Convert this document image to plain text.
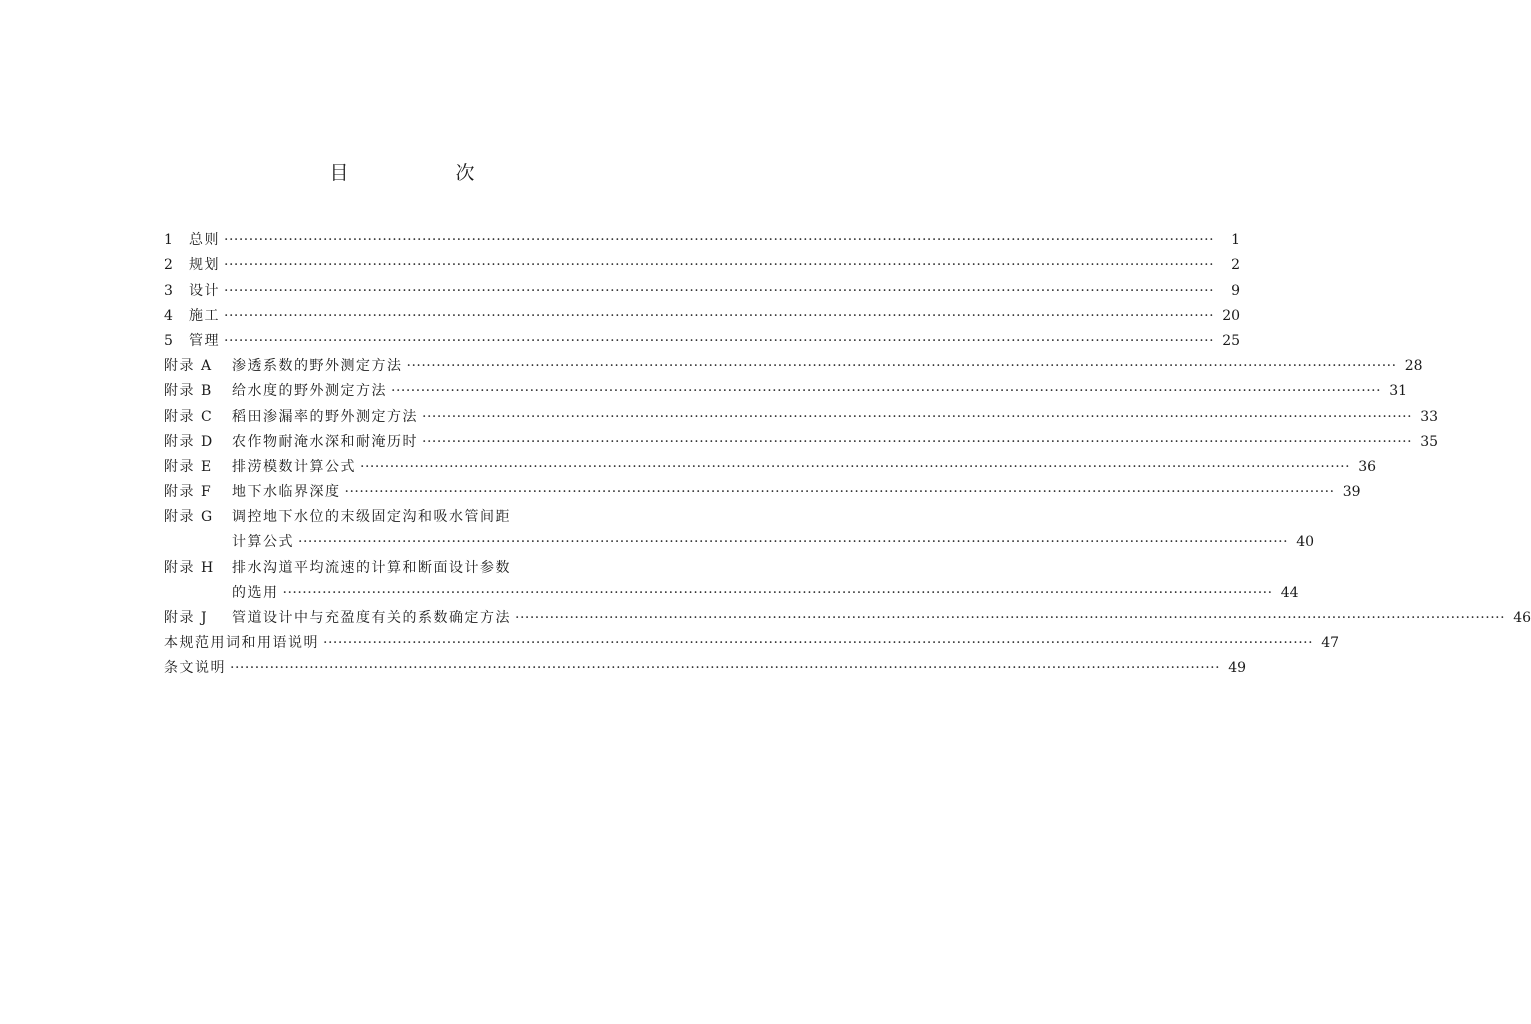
目　次
1 总则 ········································································································································································································	1
2 规划 ········································································································································································································	2
3 设计 ········································································································································································································	9
4 施工 ········································································································································································································ 20
5 管理 ········································································································································································································ 25
附录 A 渗透系数的野外测定方法 ········································································································································································································ 28
附录 B 给水度的野外测定方法 ········································································································································································································ 31
附录 C 稻田渗漏率的野外测定方法 ········································································································································································································ 33
附录 D 农作物耐淹水深和耐淹历时 ········································································································································································································ 35
附录 E 排涝模数计算公式 ········································································································································································································ 36
附录 F 地下水临界深度 ········································································································································································································ 39
附录 G 调控地下水位的末级固定沟和吸水管间距
计算公式 ········································································································································································································ 40
附录 H 排水沟道平均流速的计算和断面设计参数
的选用 ········································································································································································································ 44
附录 J 管道设计中与充盈度有关的系数确定方法 ········································································································································································································ 46
本规范用词和用语说明 ········································································································································································································ 47
条文说明 ········································································································································································································ 49
